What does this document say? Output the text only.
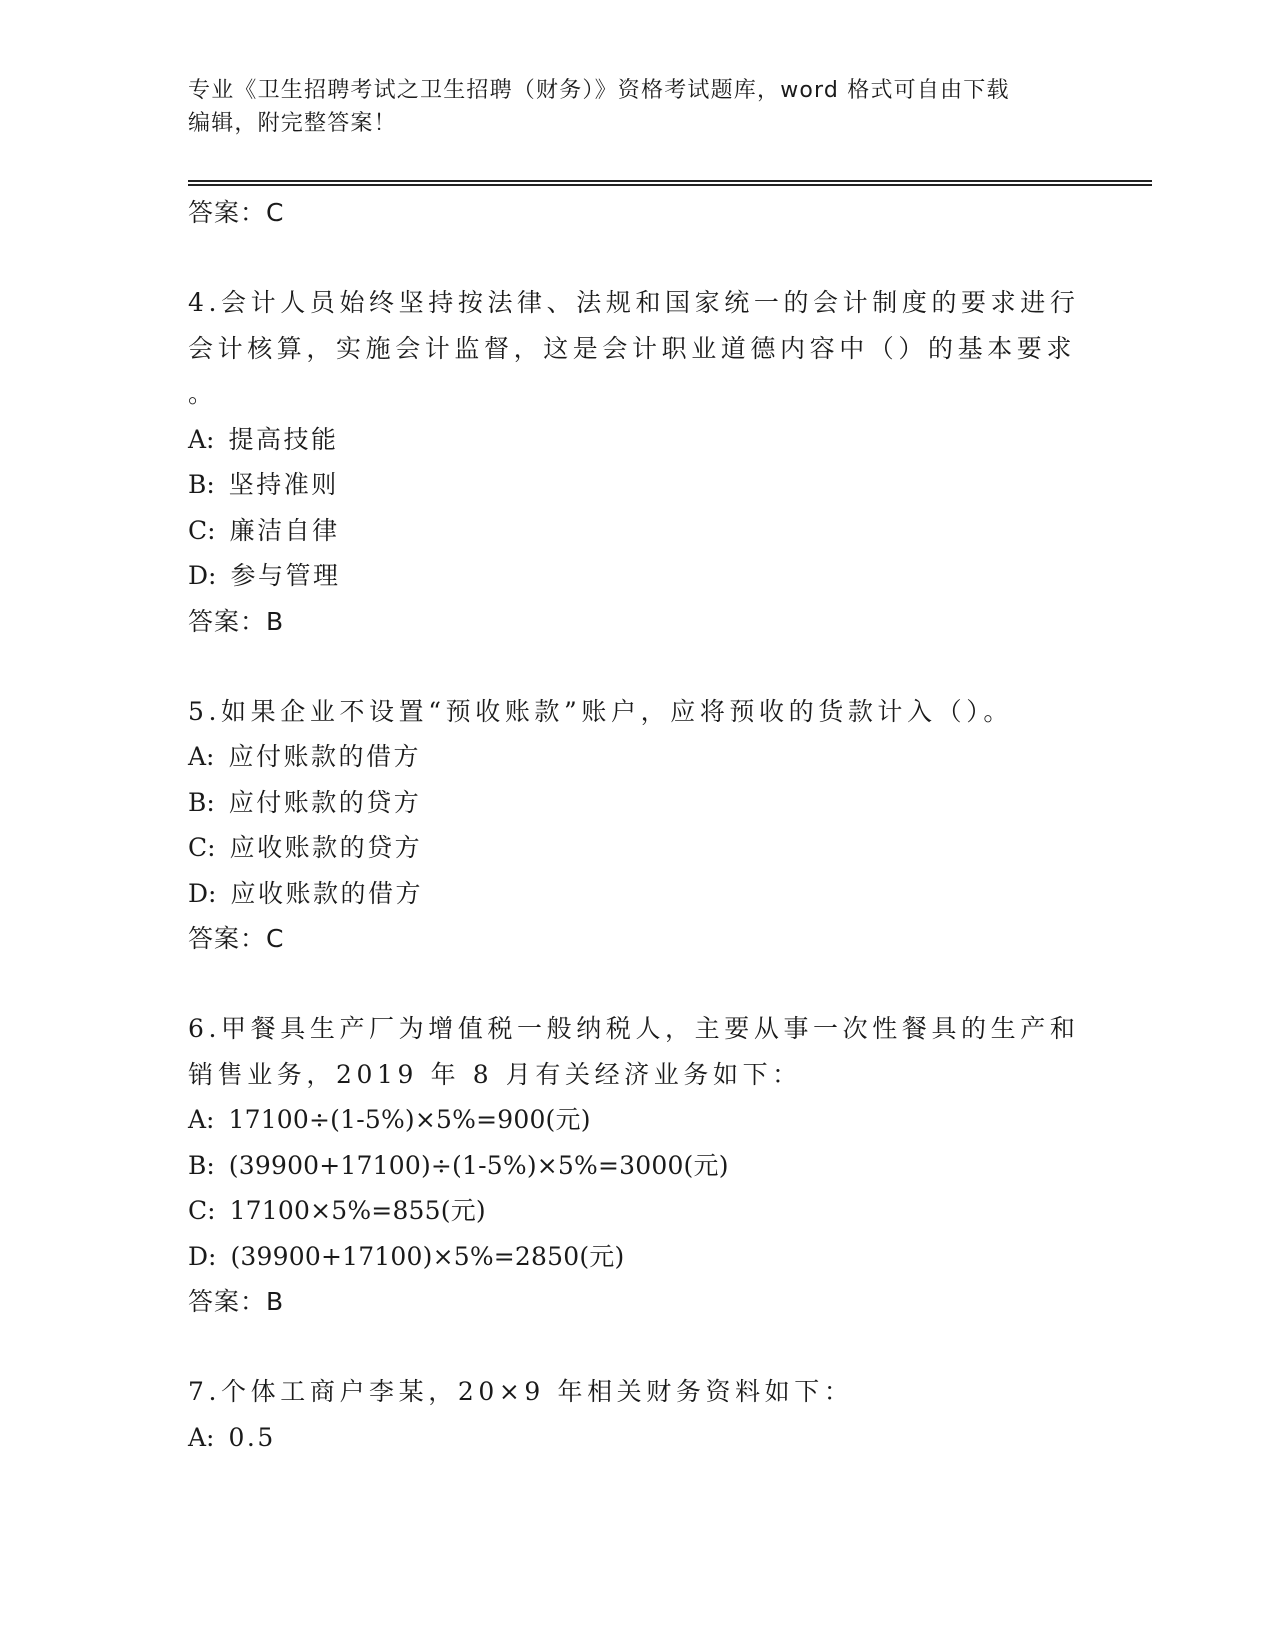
专业《卫生招聘考试之卫生招聘（财务）》资格考试题库，word 格式可自由下载
编辑，附完整答案！
答案：C
4.会计人员始终坚持按法律、法规和国家统一的会计制度的要求进行
会计核算，实施会计监督，这是会计职业道德内容中（）的基本要求
。
A: 提高技能
B: 坚持准则
C: 廉洁自律
D: 参与管理
答案：B
5.如果企业不设置“预收账款”账户，应将预收的货款计入（）。
A: 应付账款的借方
B: 应付账款的贷方
C: 应收账款的贷方
D: 应收账款的借方
答案：C
6.甲餐具生产厂为增值税一般纳税人，主要从事一次性餐具的生产和
销售业务，2019 年 8 月有关经济业务如下：
A: 17100÷(1-5%)×5%=900(元)
B: (39900+17100)÷(1-5%)×5%=3000(元)
C: 17100×5%=855(元)
D: (39900+17100)×5%=2850(元)
答案：B
7.个体工商户李某，20×9 年相关财务资料如下：
A: 0.5
